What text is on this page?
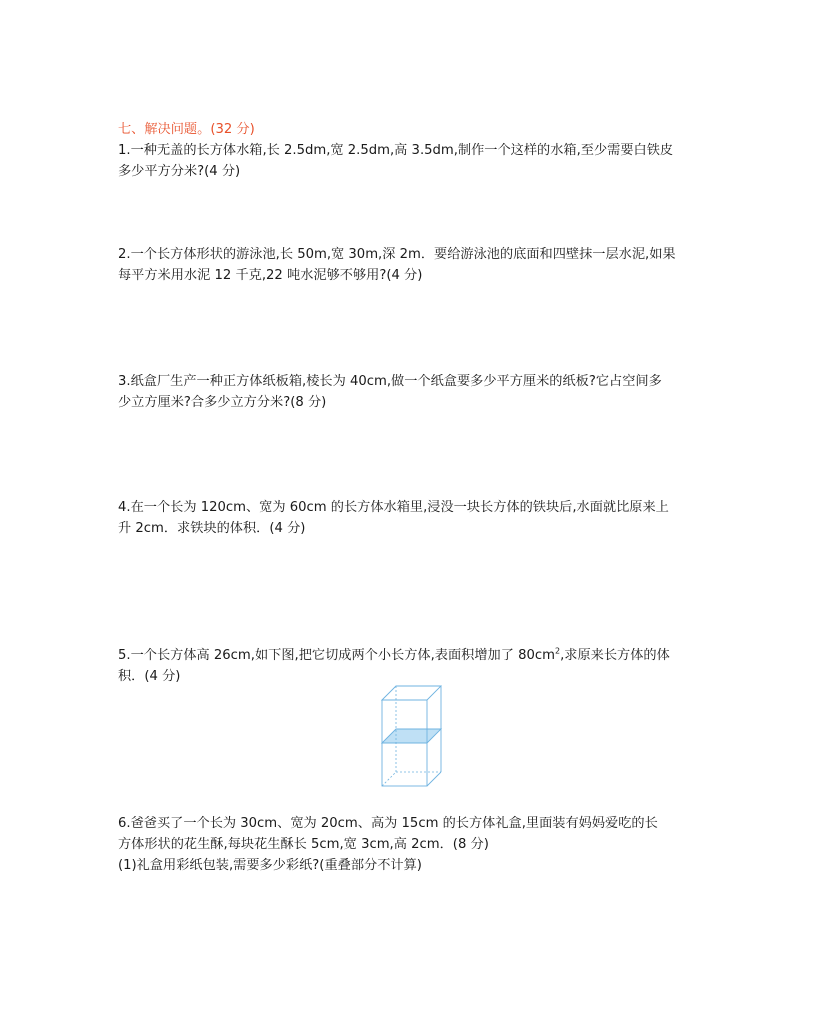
七、解决问题。(32 分)
1.一种无盖的长方体水箱,长 2.5dm,宽 2.5dm,高 3.5dm,制作一个这样的水箱,至少需要白铁皮
多少平方分米?(4 分)
2.一个长方体形状的游泳池,长 50m,宽 30m,深 2m．要给游泳池的底面和四壁抹一层水泥,如果
每平方米用水泥 12 千克,22 吨水泥够不够用?(4 分)
3.纸盒厂生产一种正方体纸板箱,棱长为 40cm,做一个纸盒要多少平方厘米的纸板?它占空间多
少立方厘米?合多少立方分米?(8 分)
4.在一个长为 120cm、宽为 60cm 的长方体水箱里,浸没一块长方体的铁块后,水面就比原来上
升 2cm．求铁块的体积．(4 分)
5.一个长方体高 26cm,如下图,把它切成两个小长方体,表面积增加了 $80cm^2$,求原来长方体的体
积．(4 分)
6.爸爸买了一个长为 30cm、宽为 20cm、高为 15cm 的长方体礼盒,里面装有妈妈爱吃的长
方体形状的花生酥,每块花生酥长 5cm,宽 3cm,高 2cm．(8 分)
(1)礼盒用彩纸包装,需要多少彩纸?(重叠部分不计算)
